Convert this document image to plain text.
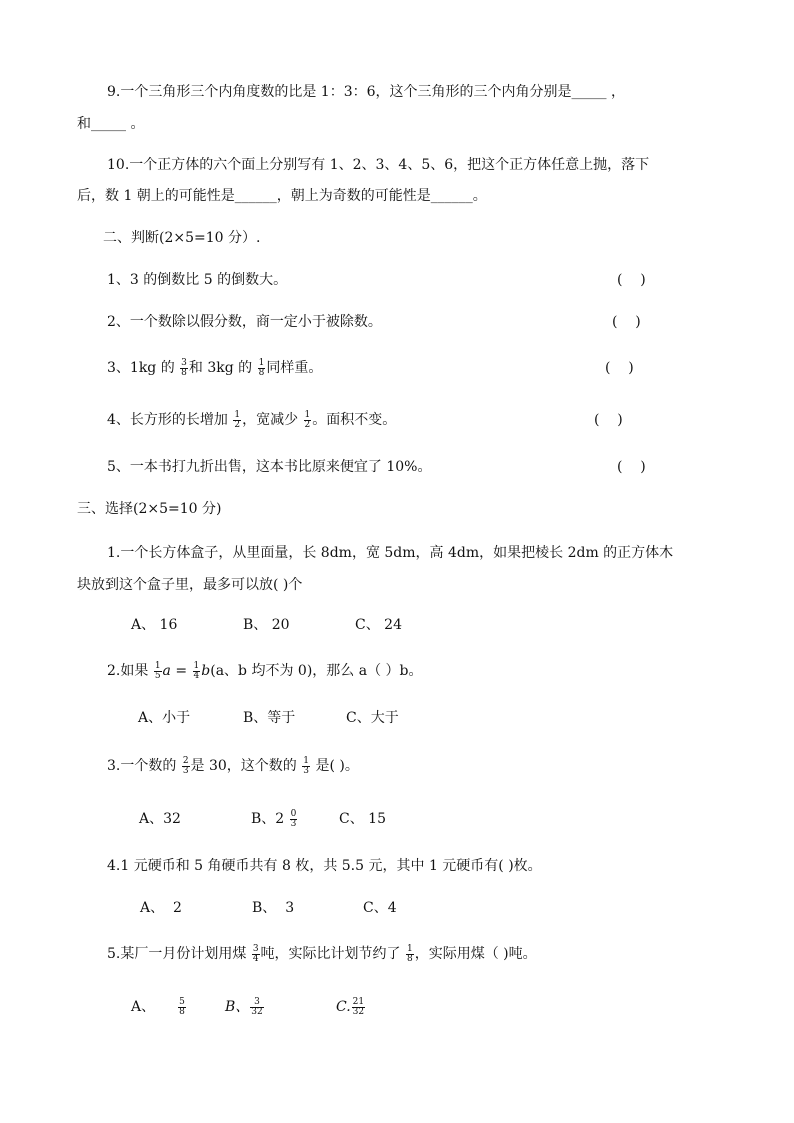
9.一个三角形三个内角度数的比是 1：3：6，这个三角形的三个内角分别是_____ ，
和_____ 。
10.一个正方体的六个面上分别写有 1、2、3、4、5、6，把这个正方体任意上抛，落下
后，数 1 朝上的可能性是______，朝上为奇数的可能性是______。
二、判断(2×5=10 分）.
1、3 的倒数比 5 的倒数大。	(    )
2、一个数除以假分数，商一定小于被除数。	(    )
3、1kg 的 $\frac{3}{8}$ 和 3kg 的 $\frac{1}{8}$ 同样重。	(    )
4、长方形的长增加 $\frac{1}{2}$ ，宽减少 $\frac{1}{2}$ 。面积不变。	(    )
5、一本书打九折出售，这本书比原来便宜了 10%。	(    )
三、选择(2×5=10 分)
1.一个长方体盒子，从里面量，长 8dm，宽 5dm，高 4dm，如果把棱长 2dm 的正方体木
块放到这个盒子里，最多可以放( )个
A、 16	B、 20	C、 24
2.如果 $\frac{1}{5}$ $a = \frac{1}{4} b(a$、b 均不为 0)，那么 a（ ）b。
A、小于	B、等于	C、大于
3.一个数的 $\frac{2}{3}$ 是 30，这个数的 $\frac{1}{3}$ 是( )。
A、32	B、$2 \frac{0}{3}$	C、 15
4.1 元硬币和 5 角硬币共有 8 枚，共 5.5 元，其中 1 元硬币有( )枚。
A、  2	B、  3	C、4
5.某厂一月份计划用煤 $\frac{3}{4}$ 吨，实际比计划节约了 $\frac{1}{8}$ ，实际用煤（ )吨。
A、	$\frac{5}{8}$	B、 $\frac{3}{32}$	C. $\frac{21}{32}$
